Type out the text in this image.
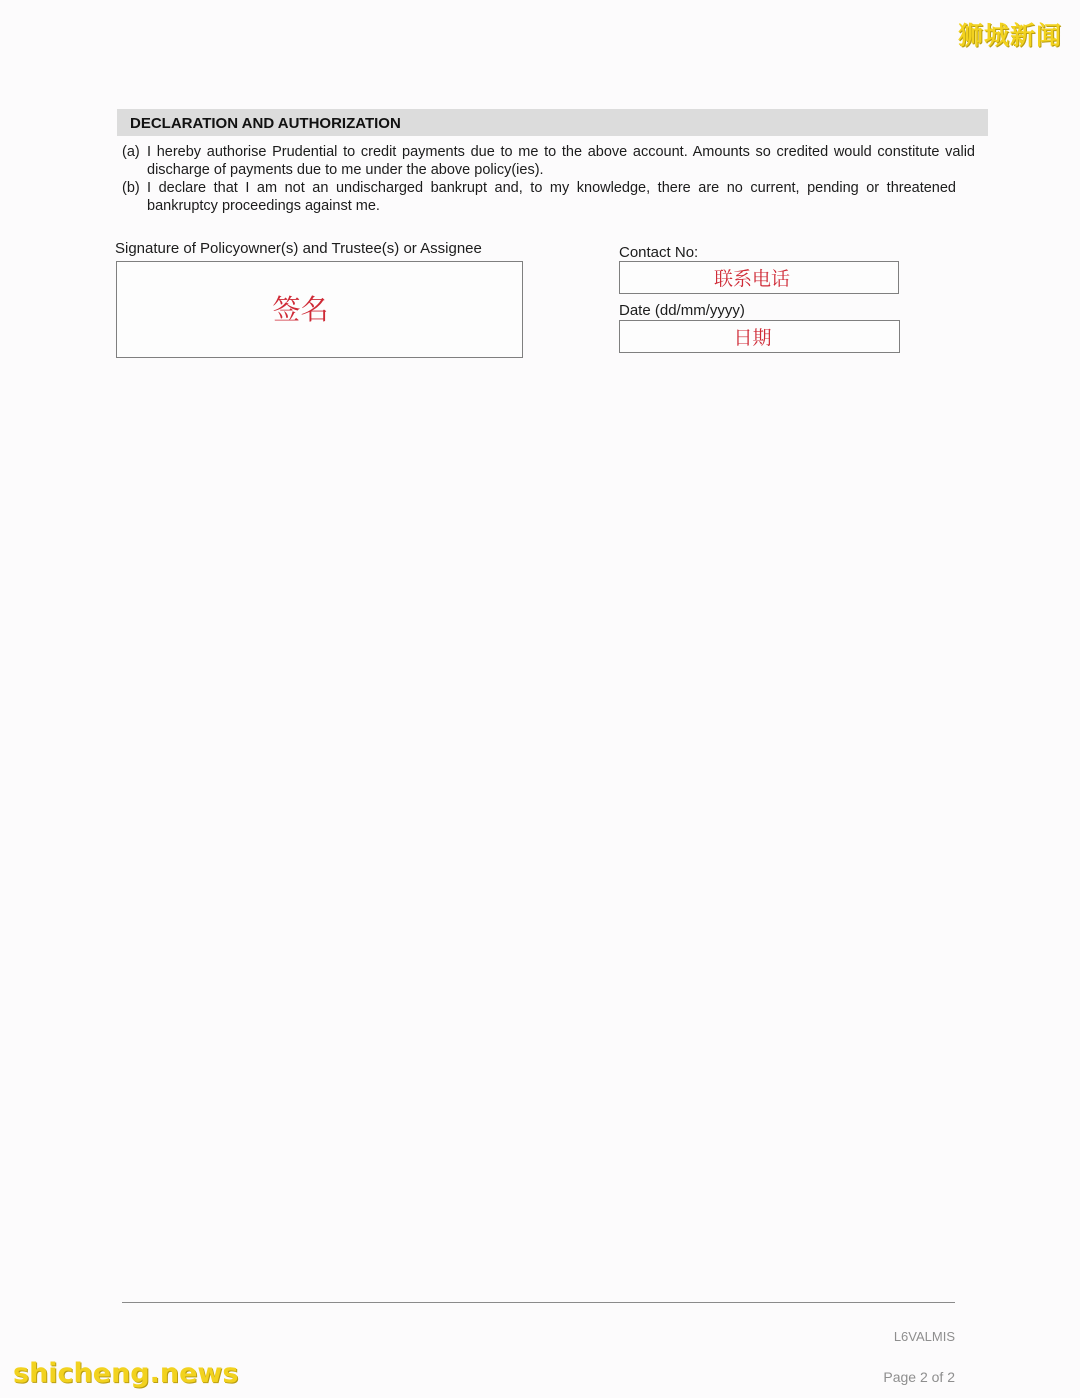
狮城新闻
DECLARATION AND AUTHORIZATION
(a) I hereby authorise Prudential to credit payments due to me to the above account. Amounts so credited would constitute valid discharge of payments due to me under the above policy(ies).
(b) I declare that I am not an undischarged bankrupt and, to my knowledge, there are no current, pending or threatened bankruptcy proceedings against me.
Signature of Policyowner(s) and Trustee(s) or Assignee
签名
Contact No:
联系电话
Date (dd/mm/yyyy)
日期
L6VALMIS
Page 2 of 2
shicheng.news
